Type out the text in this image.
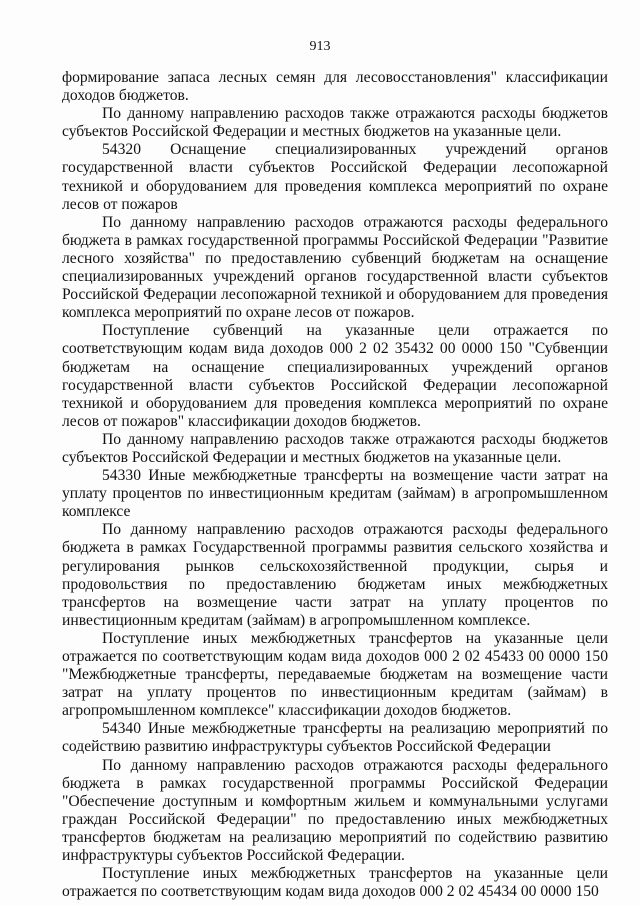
913

формирование запаса лесных семян для лесовосстановления" классификации доходов бюджетов.

По данному направлению расходов также отражаются расходы бюджетов субъектов Российской Федерации и местных бюджетов на указанные цели.

54320 Оснащение специализированных учреждений органов государственной власти субъектов Российской Федерации лесопожарной техникой и оборудованием для проведения комплекса мероприятий по охране лесов от пожаров

По данному направлению расходов отражаются расходы федерального бюджета в рамках государственной программы Российской Федерации "Развитие лесного хозяйства" по предоставлению субвенций бюджетам на оснащение специализированных учреждений органов государственной власти субъектов Российской Федерации лесопожарной техникой и оборудованием для проведения комплекса мероприятий по охране лесов от пожаров.

Поступление субвенций на указанные цели отражается по соответствующим кодам вида доходов 000 2 02 35432 00 0000 150 "Субвенции бюджетам на оснащение специализированных учреждений органов государственной власти субъектов Российской Федерации лесопожарной техникой и оборудованием для проведения комплекса мероприятий по охране лесов от пожаров" классификации доходов бюджетов.

По данному направлению расходов также отражаются расходы бюджетов субъектов Российской Федерации и местных бюджетов на указанные цели.

54330 Иные межбюджетные трансферты на возмещение части затрат на уплату процентов по инвестиционным кредитам (займам) в агропромышленном комплексе

По данному направлению расходов отражаются расходы федерального бюджета в рамках Государственной программы развития сельского хозяйства и регулирования рынков сельскохозяйственной продукции, сырья и продовольствия по предоставлению бюджетам иных межбюджетных трансфертов на возмещение части затрат на уплату процентов по инвестиционным кредитам (займам) в агропромышленном комплексе.

Поступление иных межбюджетных трансфертов на указанные цели отражается по соответствующим кодам вида доходов 000 2 02 45433 00 0000 150 "Межбюджетные трансферты, передаваемые бюджетам на возмещение части затрат на уплату процентов по инвестиционным кредитам (займам) в агропромышленном комплексе" классификации доходов бюджетов.

54340 Иные межбюджетные трансферты на реализацию мероприятий по содействию развитию инфраструктуры субъектов Российской Федерации

По данному направлению расходов отражаются расходы федерального бюджета в рамках государственной программы Российской Федерации "Обеспечение доступным и комфортным жильем и коммунальными услугами граждан Российской Федерации" по предоставлению иных межбюджетных трансфертов бюджетам на реализацию мероприятий по содействию развитию инфраструктуры субъектов Российской Федерации.

Поступление иных межбюджетных трансфертов на указанные цели отражается по соответствующим кодам вида доходов 000 2 02 45434 00 0000 150
